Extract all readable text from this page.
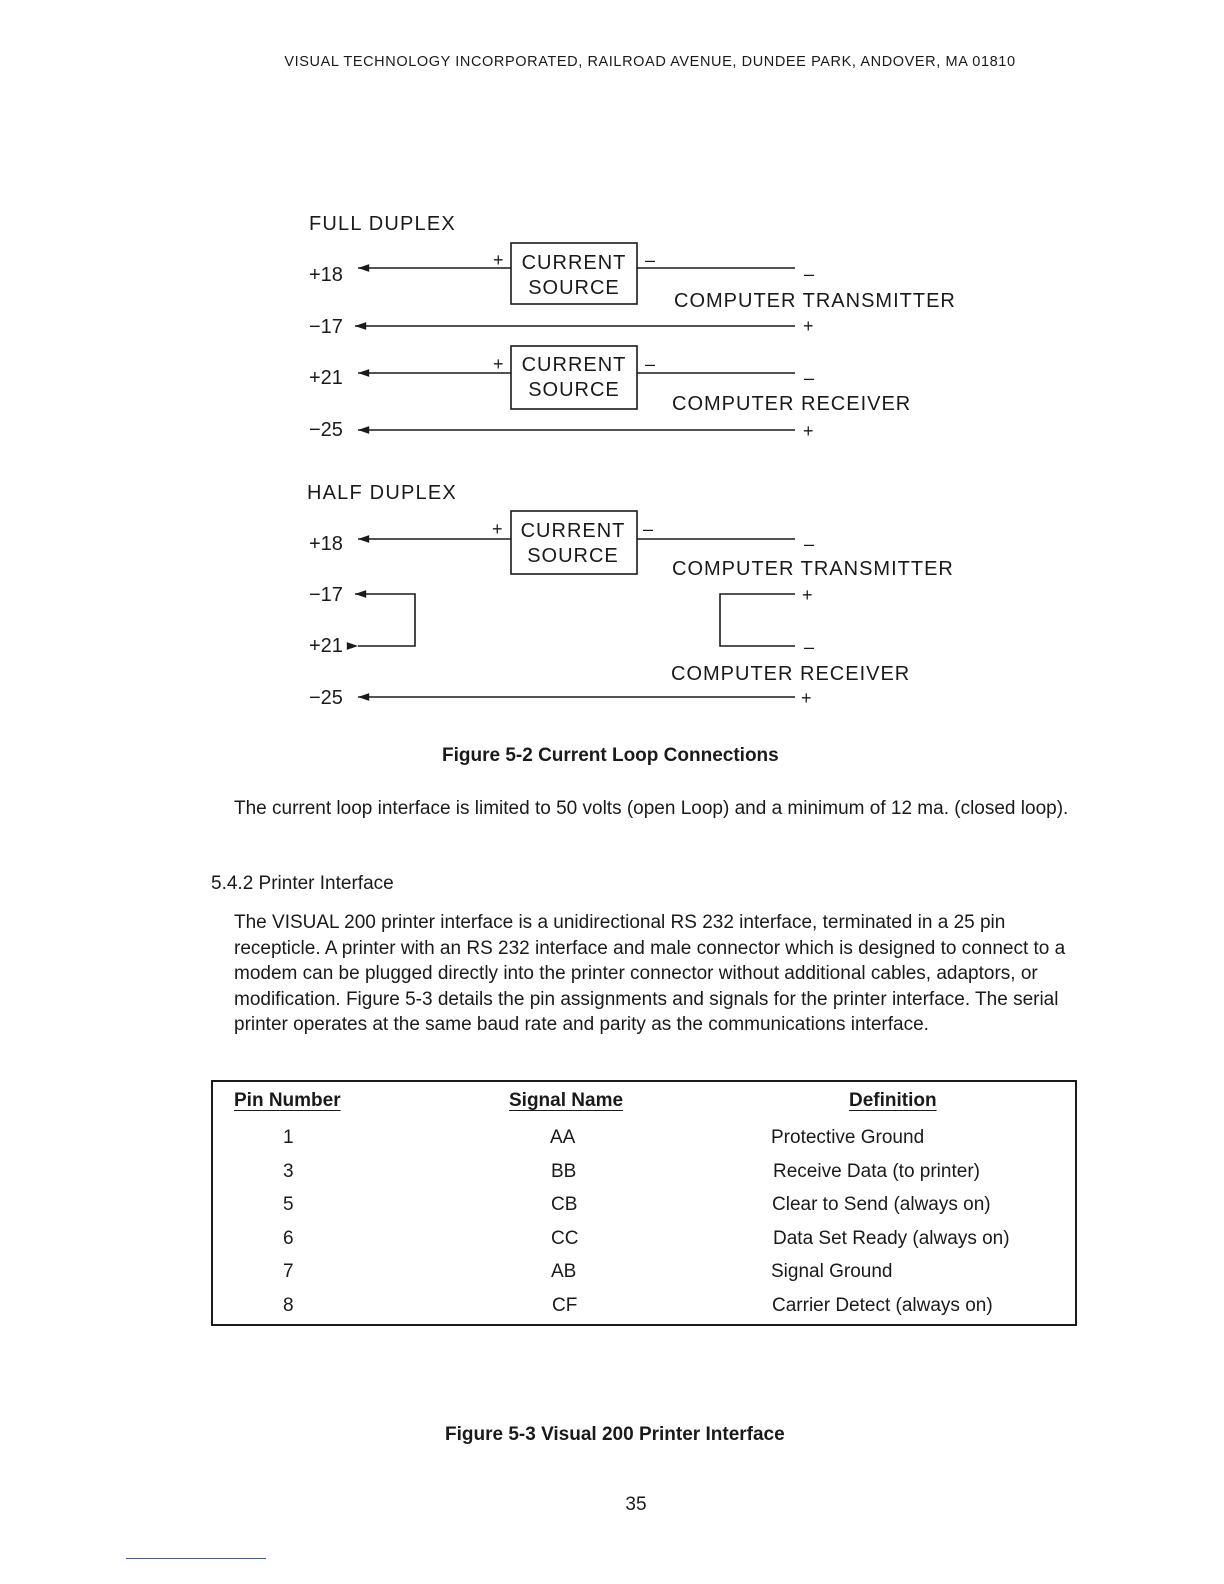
VISUAL TECHNOLOGY INCORPORATED, RAILROAD AVENUE, DUNDEE PARK, ANDOVER, MA 01810
FULL DUPLEX
+18
−17
+21
−25
+	–
CURRENT
SOURCE
–
COMPUTER TRANSMITTER
+
+	–
CURRENT
SOURCE
–
COMPUTER RECEIVER
+
HALF DUPLEX
+18
−17
+21
−25
+	–
CURRENT
SOURCE
–
COMPUTER TRANSMITTER
+
–
COMPUTER RECEIVER
+
Figure 5-2 Current Loop Connections
The current loop interface is limited to 50 volts (open Loop) and a minimum of 12 ma. (closed loop).
5.4.2 Printer Interface
The VISUAL 200 printer interface is a unidirectional RS 232 interface, terminated in a 25 pin recepticle. A printer with an RS 232 interface and male connector which is designed to connect to a modem can be plugged directly into the printer connector without additional cables, adaptors, or modification. Figure 5-3 details the pin assignments and signals for the printer interface. The serial printer operates at the same baud rate and parity as the communications interface.
Pin Number	Signal Name	Definition
1	AA	Protective Ground
3	BB	Receive Data (to printer)
5	CB	Clear to Send (always on)
6	CC	Data Set Ready (always on)
7	AB	Signal Ground
8	CF	Carrier Detect (always on)
Figure 5-3 Visual 200 Printer Interface
35
